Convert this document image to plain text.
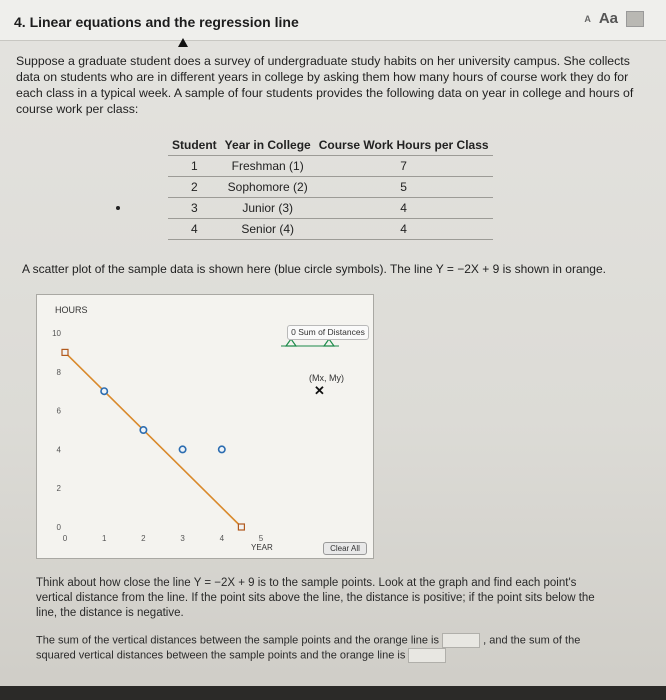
4. Linear equations and the regression line	A Aa
Suppose a graduate student does a survey of undergraduate study habits on her university campus. She collects data on students who are in different years in college by asking them how many hours of course work they do for each class in a typical week. A sample of four students provides the following data on year in college and hours of course work per class:
Student	Year in College	Course Work Hours per Class
1	Freshman (1)	7
2	Sophomore (2)	5
3	Junior (3)	4
4	Senior (4)	4
A scatter plot of the sample data is shown here (blue circle symbols). The line Y = −2X + 9 is shown in orange.
0
2
4
6
8
10
0	1	2	3	4	5
HOURS
YEAR
0 Sum of Distances
(Mx, My)
✕
Clear All
Think about how close the line Y = −2X + 9 is to the sample points. Look at the graph and find each point's vertical distance from the line. If the point sits above the line, the distance is positive; if the point sits below the line, the distance is negative.
The sum of the vertical distances between the sample points and the orange line is	, and the sum of the squared vertical distances between the sample points and the orange line is
